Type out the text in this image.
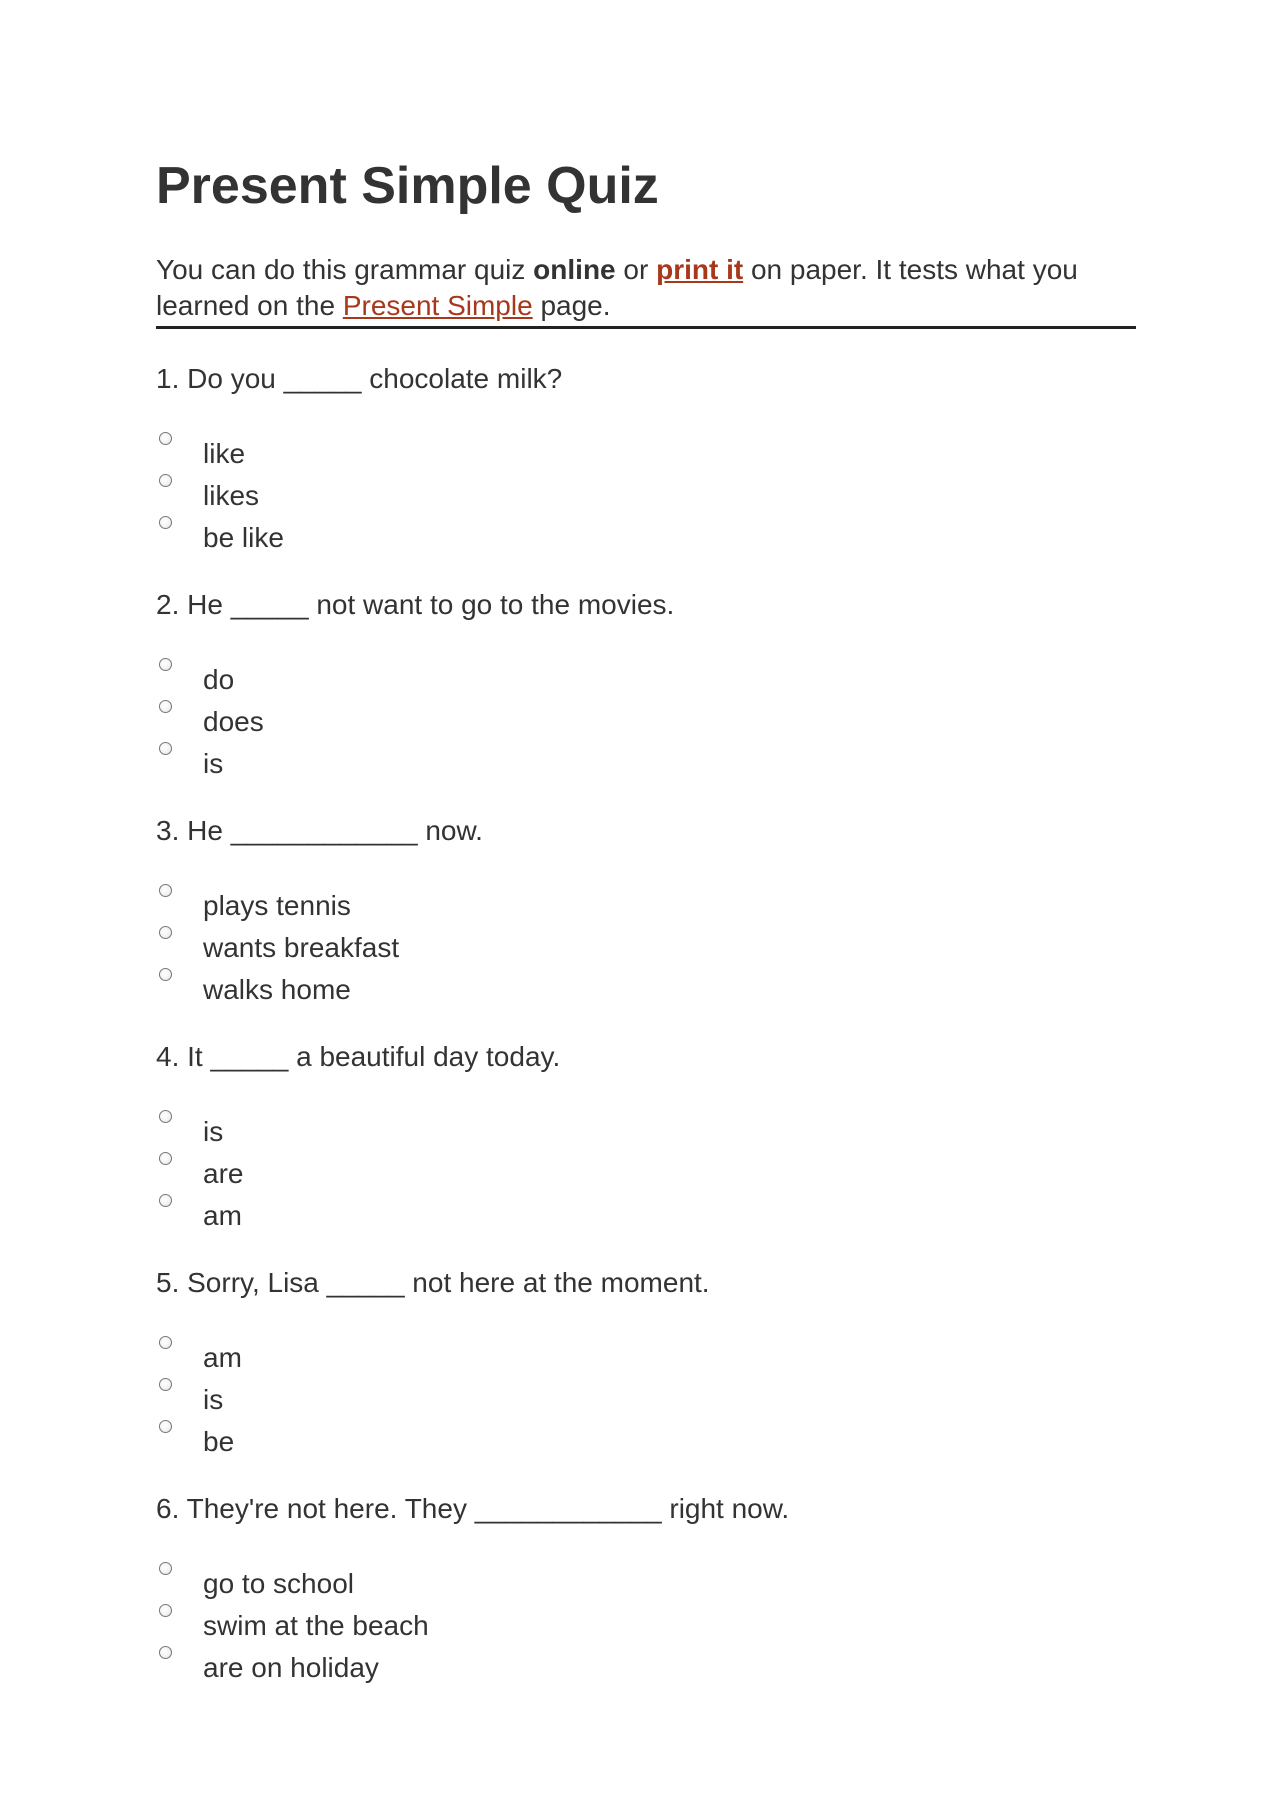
Present Simple Quiz
You can do this grammar quiz online or print it on paper. It tests what you learned on the Present Simple page.
1. Do you _____ chocolate milk?
like
likes
be like
2. He _____ not want to go to the movies.
do
does
is
3. He ____________ now.
plays tennis
wants breakfast
walks home
4. It _____ a beautiful day today.
is
are
am
5. Sorry, Lisa _____ not here at the moment.
am
is
be
6. They're not here. They ____________ right now.
go to school
swim at the beach
are on holiday
